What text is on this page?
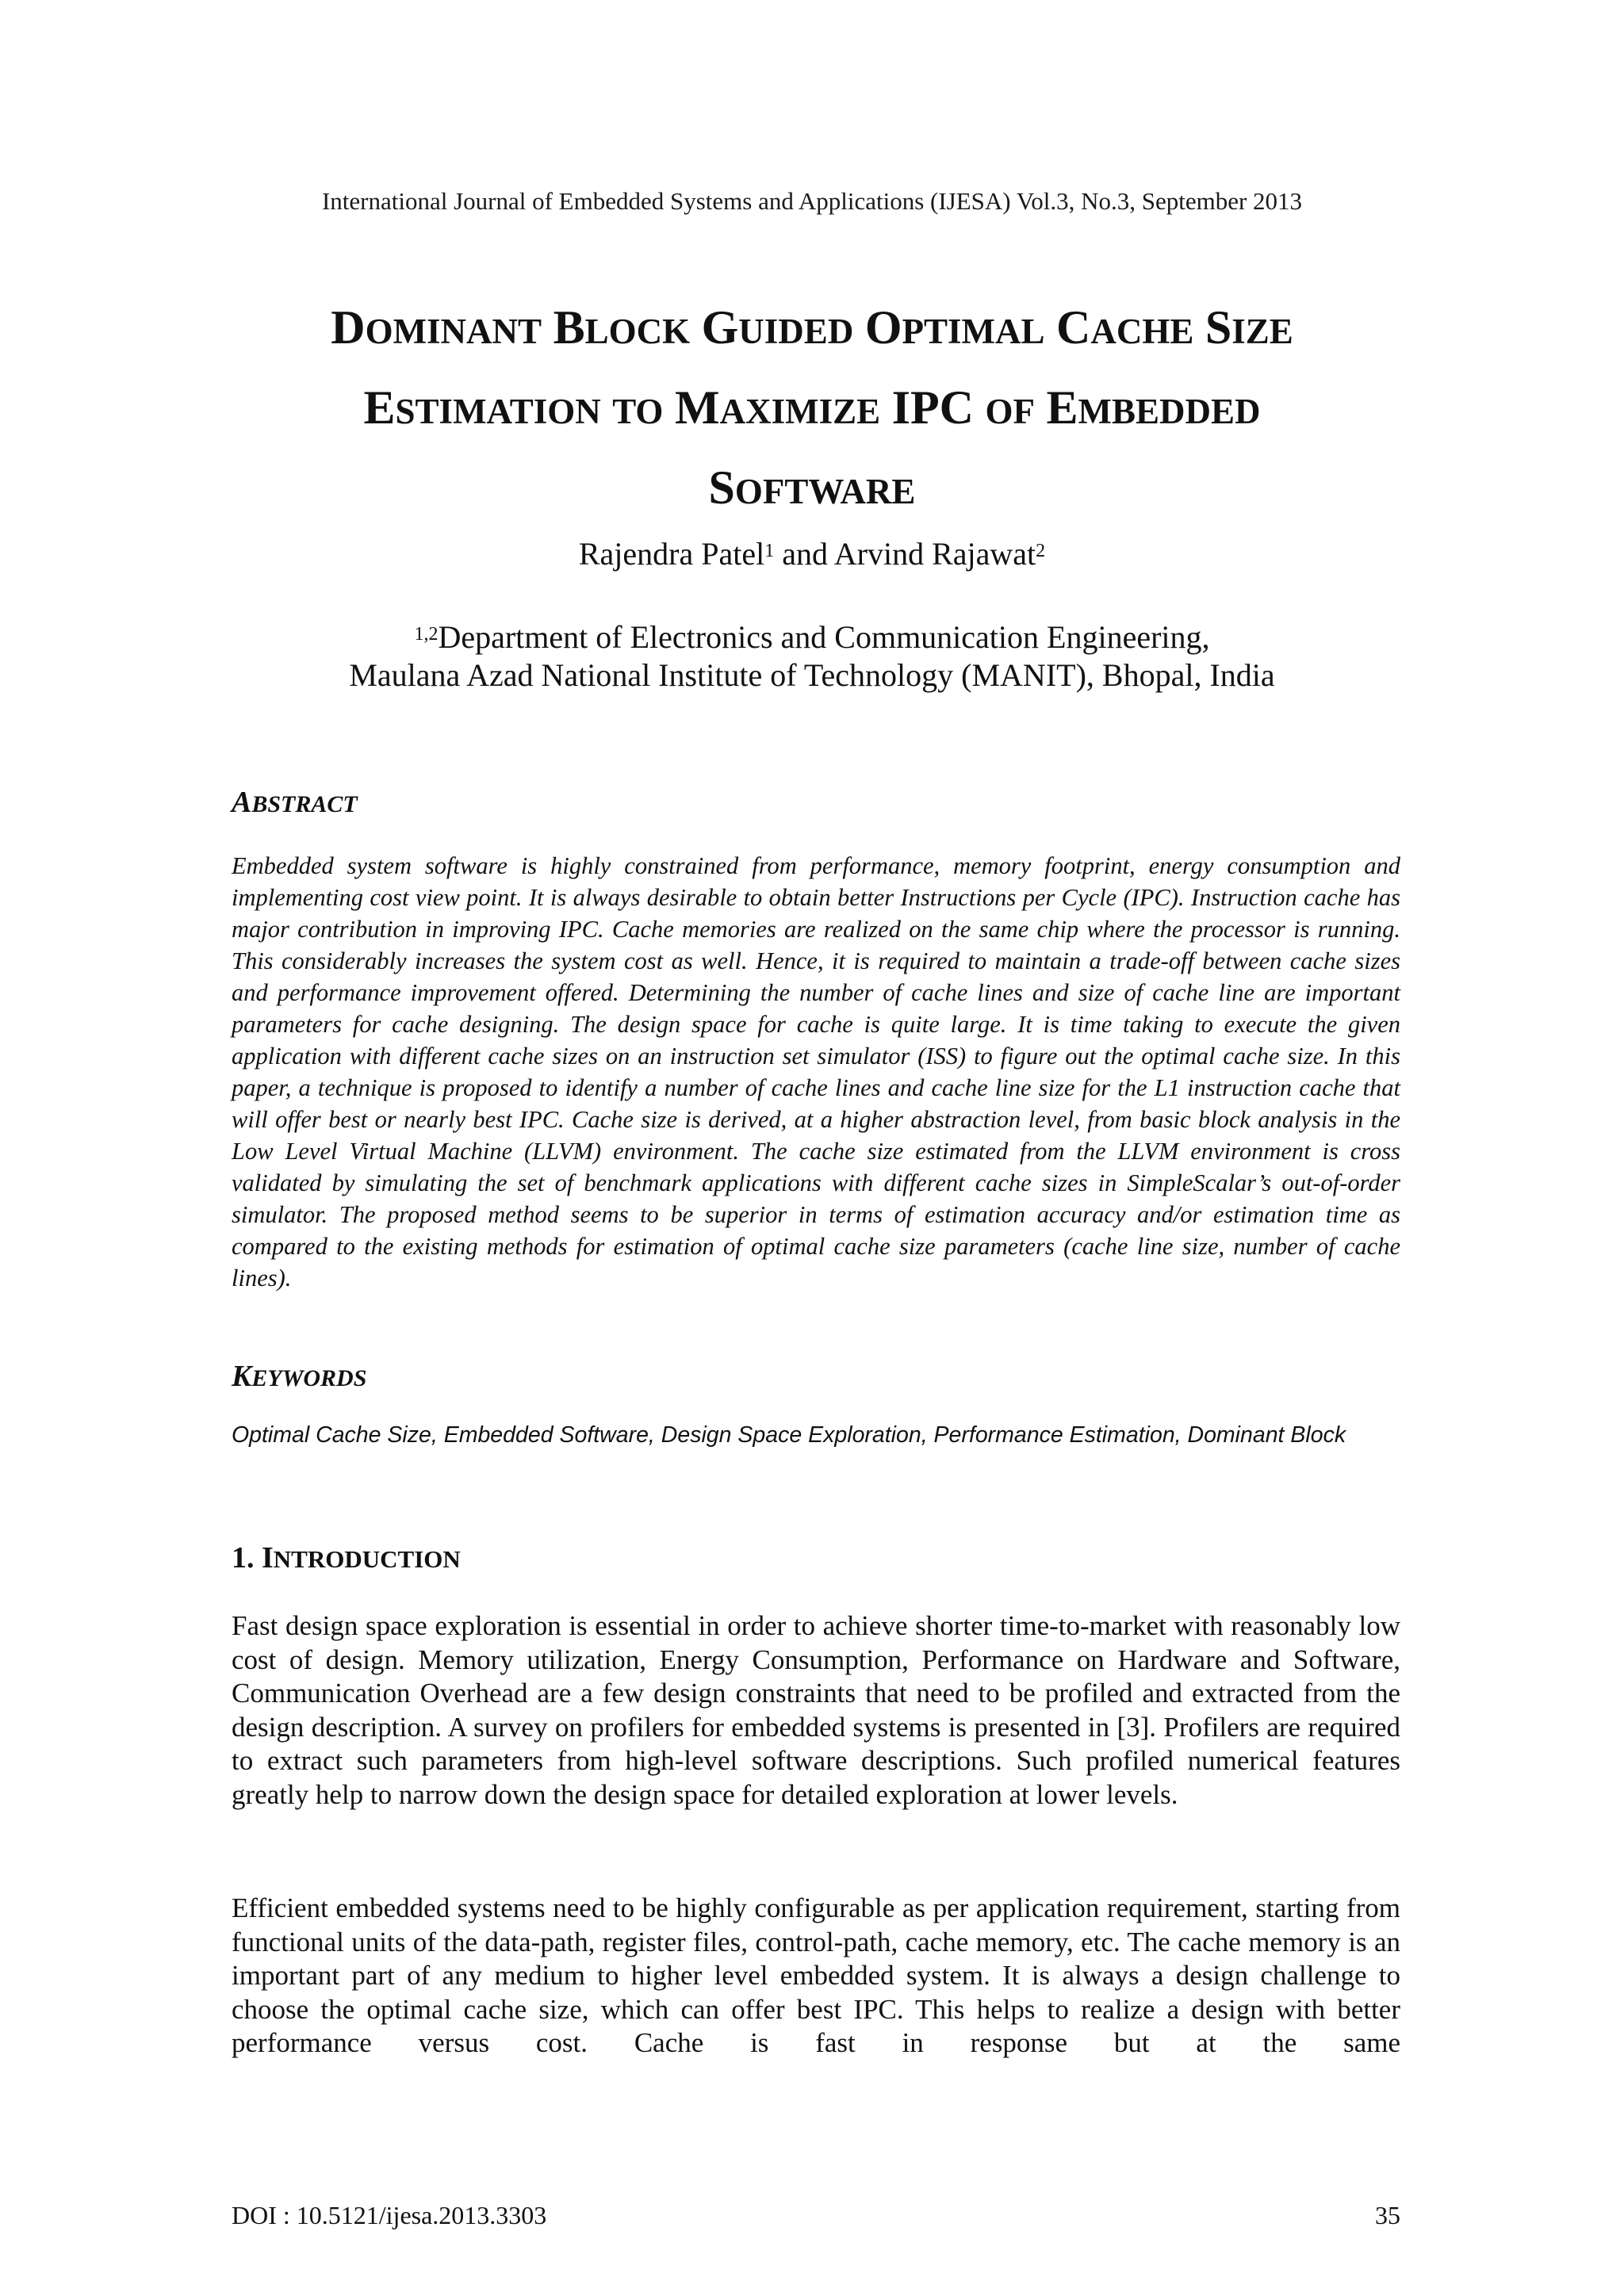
International Journal of Embedded Systems and Applications (IJESA) Vol.3, No.3, September 2013
DOMINANT BLOCK GUIDED OPTIMAL CACHE SIZE
ESTIMATION TO MAXIMIZE IPC OF EMBEDDED
SOFTWARE
Rajendra Patel$^1$ and Arvind Rajawat$^2$
$^{1,2}$Department of Electronics and Communication Engineering,
Maulana Azad National Institute of Technology (MANIT), Bhopal, India
ABSTRACT
Embedded system software is highly constrained from performance, memory footprint, energy consumption and implementing cost view point. It is always desirable to obtain better Instructions per Cycle (IPC). Instruction cache has major contribution in improving IPC. Cache memories are realized on the same chip where the processor is running. This considerably increases the system cost as well. Hence, it is required to maintain a trade-off between cache sizes and performance improvement offered. Determining the number of cache lines and size of cache line are important parameters for cache designing. The design space for cache is quite large. It is time taking to execute the given application with different cache sizes on an instruction set simulator (ISS) to figure out the optimal cache size. In this paper, a technique is proposed to identify a number of cache lines and cache line size for the L1 instruction cache that will offer best or nearly best IPC. Cache size is derived, at a higher abstraction level, from basic block analysis in the Low Level Virtual Machine (LLVM) environment. The cache size estimated from the LLVM environment is cross validated by simulating the set of benchmark applications with different cache sizes in SimpleScalar’s out-of-order simulator. The proposed method seems to be superior in terms of estimation accuracy and/or estimation time as compared to the existing methods for estimation of optimal cache size parameters (cache line size, number of cache lines).
KEYWORDS
Optimal Cache Size, Embedded Software, Design Space Exploration, Performance Estimation, Dominant Block
1. INTRODUCTION
Fast design space exploration is essential in order to achieve shorter time-to-market with reasonably low cost of design. Memory utilization, Energy Consumption, Performance on Hardware and Software, Communication Overhead are a few design constraints that need to be profiled and extracted from the design description. A survey on profilers for embedded systems is presented in [3]. Profilers are required to extract such parameters from high-level software descriptions. Such profiled numerical features greatly help to narrow down the design space for detailed exploration at lower levels.
Efficient embedded systems need to be highly configurable as per application requirement, starting from functional units of the data-path, register files, control-path, cache memory, etc. The cache memory is an important part of any medium to higher level embedded system. It is always a design challenge to choose the optimal cache size, which can offer best IPC. This helps to realize a design with better performance versus cost. Cache is fast in response but at the same
DOI : 10.5121/ijesa.2013.3303	35
